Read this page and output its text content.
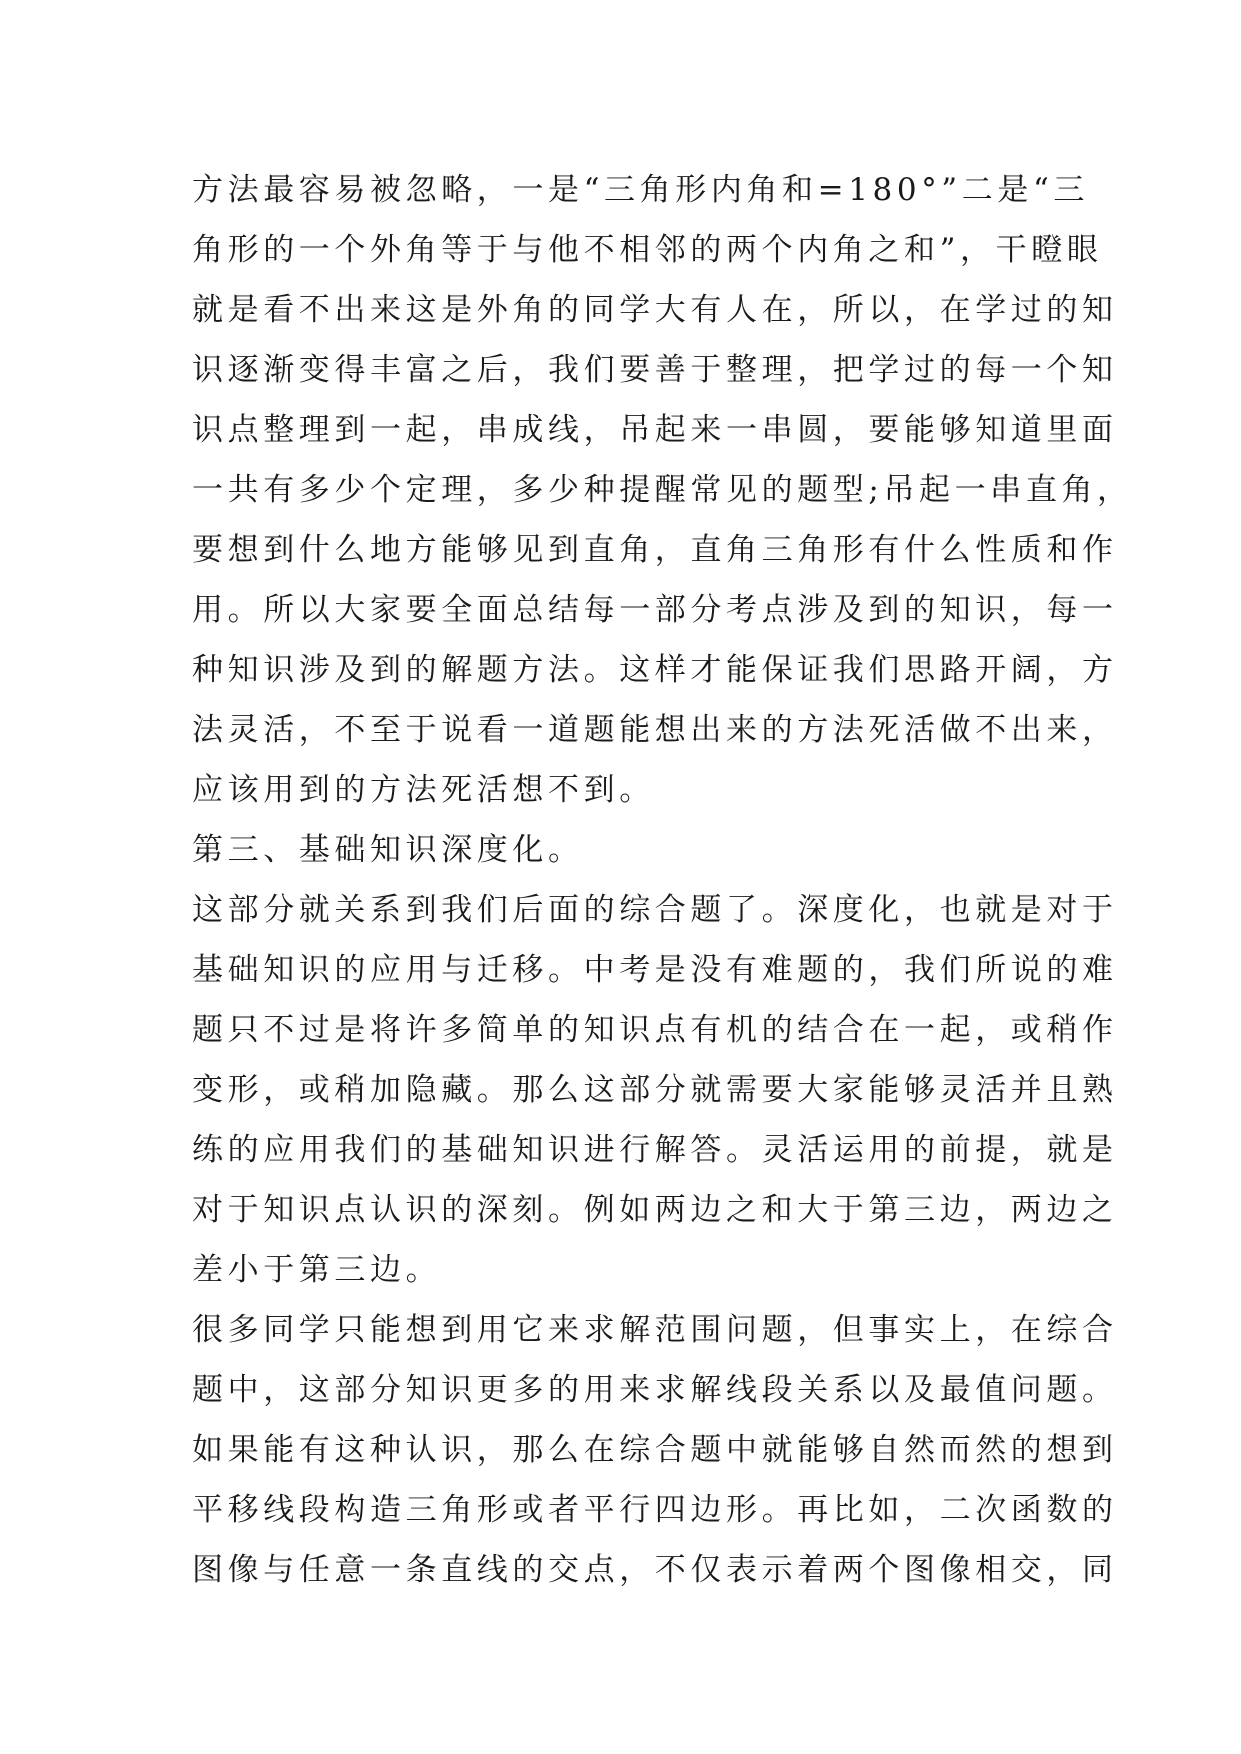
方法最容易被忽略，一是“三角形内角和=180°”二是“三
角形的一个外角等于与他不相邻的两个内角之和”，干瞪眼
就是看不出来这是外角的同学大有人在，所以，在学过的知
识逐渐变得丰富之后，我们要善于整理，把学过的每一个知
识点整理到一起，串成线，吊起来一串圆，要能够知道里面
一共有多少个定理，多少种提醒常见的题型;吊起一串直角，
要想到什么地方能够见到直角，直角三角形有什么性质和作
用。所以大家要全面总结每一部分考点涉及到的知识，每一
种知识涉及到的解题方法。这样才能保证我们思路开阔，方
法灵活，不至于说看一道题能想出来的方法死活做不出来，
应该用到的方法死活想不到。
第三、基础知识深度化。
这部分就关系到我们后面的综合题了。深度化，也就是对于
基础知识的应用与迁移。中考是没有难题的，我们所说的难
题只不过是将许多简单的知识点有机的结合在一起，或稍作
变形，或稍加隐藏。那么这部分就需要大家能够灵活并且熟
练的应用我们的基础知识进行解答。灵活运用的前提，就是
对于知识点认识的深刻。例如两边之和大于第三边，两边之
差小于第三边。
很多同学只能想到用它来求解范围问题，但事实上，在综合
题中，这部分知识更多的用来求解线段关系以及最值问题。
如果能有这种认识，那么在综合题中就能够自然而然的想到
平移线段构造三角形或者平行四边形。再比如，二次函数的
图像与任意一条直线的交点，不仅表示着两个图像相交，同
